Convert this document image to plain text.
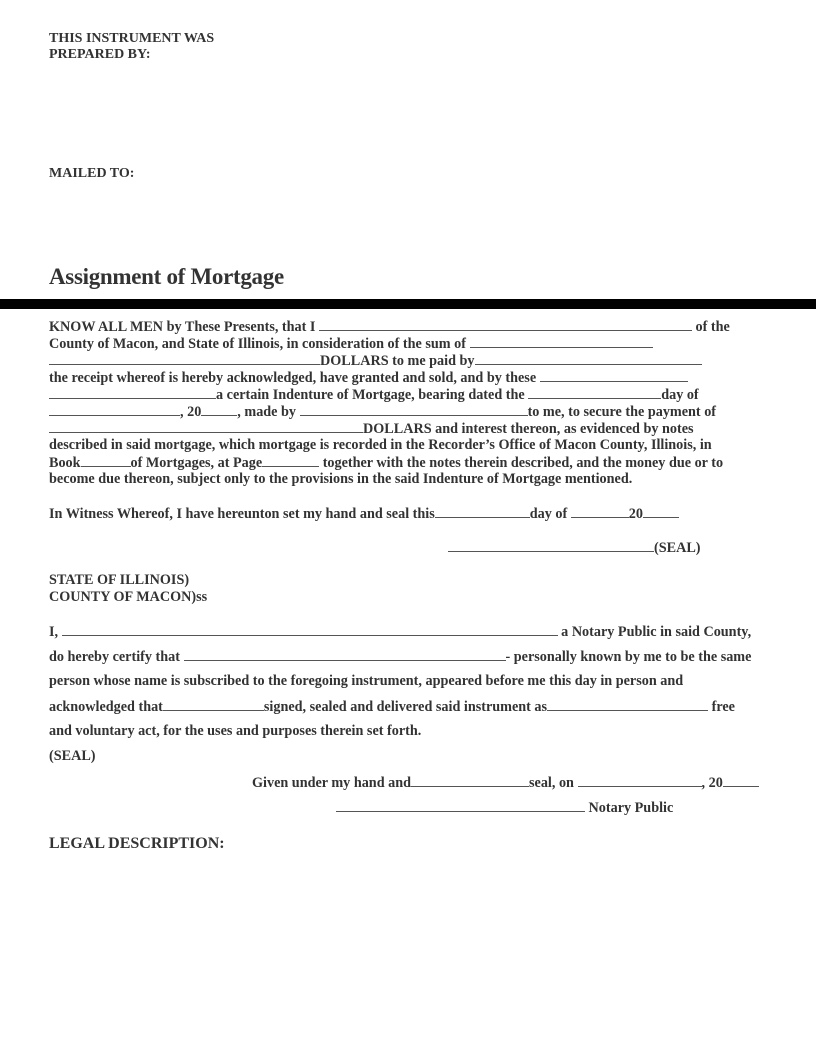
THIS INSTRUMENT WAS
PREPARED BY:
MAILED TO:
Assignment of Mortgage
KNOW ALL MEN by These Presents, that I	of the
County of Macon, and State of Illinois, in consideration of the sum of
DOLLARS to me paid by
the receipt whereof is hereby acknowledged, have granted and sold, and by these
a certain Indenture of Mortgage, bearing dated the	day of
, 20	, made by	to me, to secure the payment of
DOLLARS and interest thereon, as evidenced by notes
described in said mortgage, which mortgage is recorded in the Recorder’s Office of Macon County, Illinois, in
Book	of Mortgages, at Page	together with the notes therein described, and the money due or to
become due thereon, subject only to the provisions in the said Indenture of Mortgage mentioned.
In Witness Whereof, I have hereunton set my hand and seal this	day of	20
(SEAL)
STATE OF ILLINOIS)
COUNTY OF MACON)ss
I,	a Notary Public in said County,
do hereby certify that	- personally known by me to be the same
person whose name is subscribed to the foregoing instrument, appeared before me this day in person and
acknowledged that	signed, sealed and delivered said instrument as	free
and voluntary act, for the uses and purposes therein set forth.
(SEAL)
Given under my hand and	seal, on	, 20
Notary Public
LEGAL DESCRIPTION:
